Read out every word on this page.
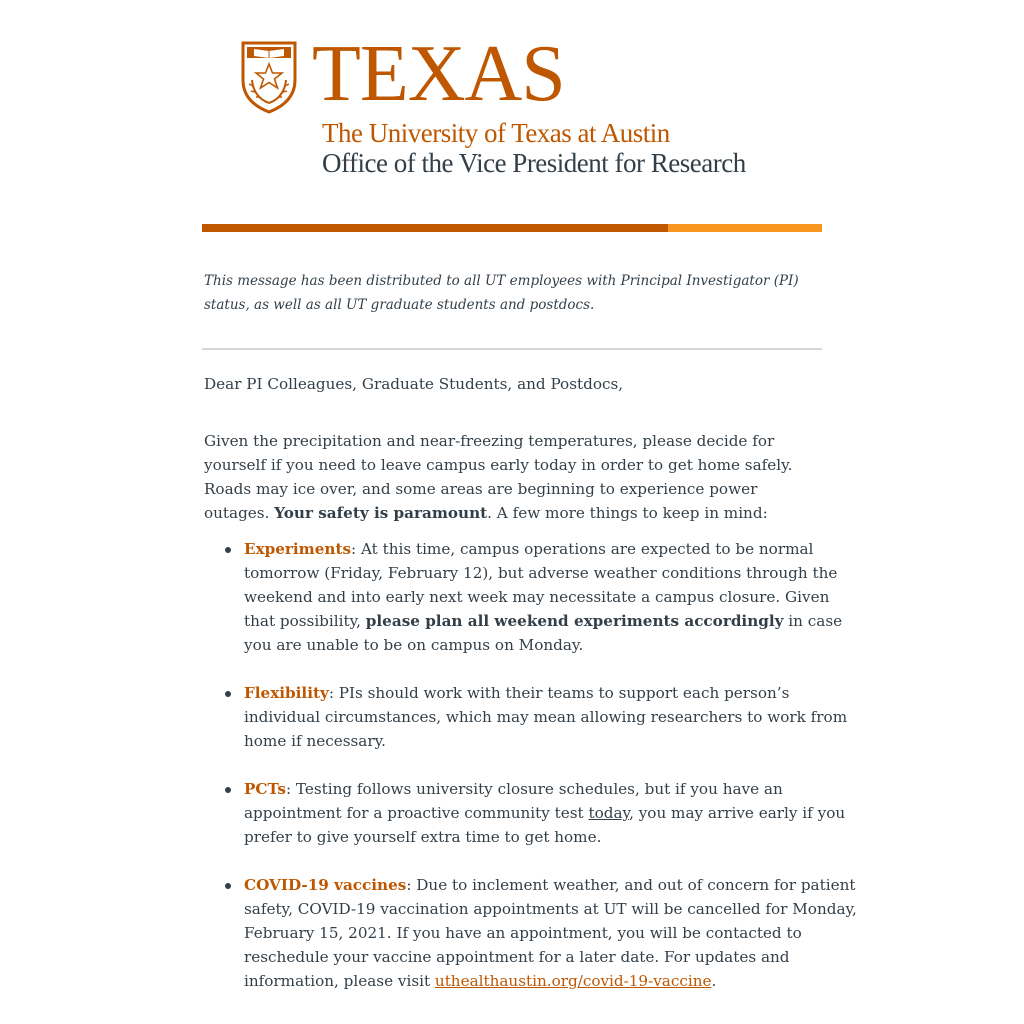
TEXAS
The University of Texas at Austin
Office of the Vice President for Research

This message has been distributed to all UT employees with Principal Investigator (PI) status, as well as all UT graduate students and postdocs.

Dear PI Colleagues, Graduate Students, and Postdocs,

Given the precipitation and near-freezing temperatures, please decide for yourself if you need to leave campus early today in order to get home safely. Roads may ice over, and some areas are beginning to experience power outages. Your safety is paramount. A few more things to keep in mind:

Experiments: At this time, campus operations are expected to be normal tomorrow (Friday, February 12), but adverse weather conditions through the weekend and into early next week may necessitate a campus closure. Given that possibility, please plan all weekend experiments accordingly in case you are unable to be on campus on Monday.
Flexibility: PIs should work with their teams to support each person’s individual circumstances, which may mean allowing researchers to work from home if necessary.
PCTs: Testing follows university closure schedules, but if you have an appointment for a proactive community test today, you may arrive early if you prefer to give yourself extra time to get home.
COVID-19 vaccines: Due to inclement weather, and out of concern for patient safety, COVID-19 vaccination appointments at UT will be cancelled for Monday, February 15, 2021. If you have an appointment, you will be contacted to reschedule your vaccine appointment for a later date. For updates and information, please visit uthealthaustin.org/covid-19-vaccine.
